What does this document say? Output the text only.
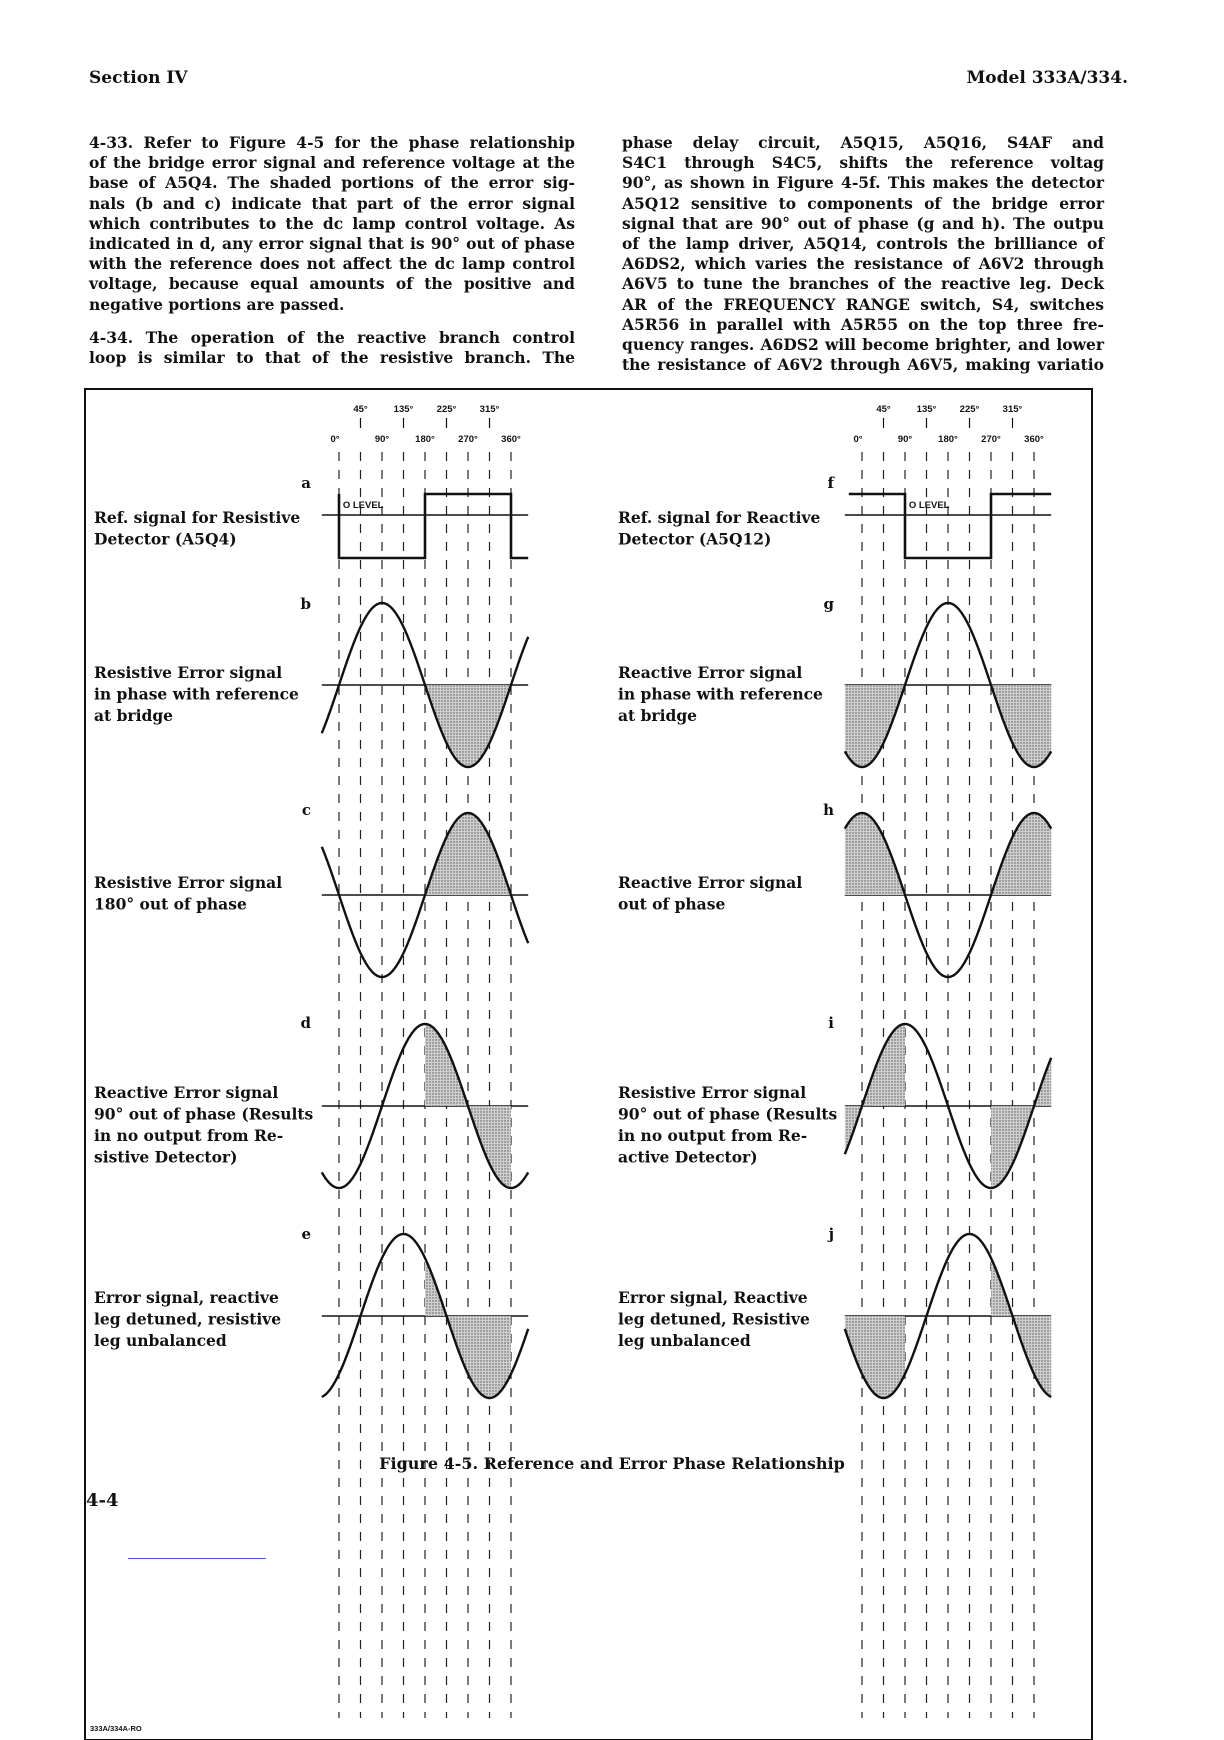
Section IV	Model 333A/334.

4-33. Refer to Figure 4-5 for the phase relationship
of the bridge error signal and reference voltage at the
base of A5Q4. The shaded portions of the error sig-
nals (b and c) indicate that part of the error signal
which contributes to the dc lamp control voltage. As
indicated in d, any error signal that is 90° out of phase
with the reference does not affect the dc lamp control
voltage, because equal amounts of the positive and
negative portions are passed.

4-34. The operation of the reactive branch control
loop is similar to that of the resistive branch. The

phase delay circuit, A5Q15, A5Q16, S4AF and
S4C1 through S4C5, shifts the reference voltag
90°, as shown in Figure 4-5f. This makes the detector
A5Q12 sensitive to components of the bridge error
signal that are 90° out of phase (g and h). The outpu
of the lamp driver, A5Q14, controls the brilliance of
A6DS2, which varies the resistance of A6V2 through
A6V5 to tune the branches of the reactive leg. Deck
AR of the FREQUENCY RANGE switch, S4, switches
A5R56 in parallel with A5R55 on the top three fre-
quency ranges. A6DS2 will become brighter, and lower
the resistance of A6V2 through A6V5, making variatio

45°	135° 225° 315°
0°	90°	180° 270° 360°
O LEVEL
a
Ref. signal for Resistive
Detector (A5Q4)
b
Resistive Error signal
in phase with reference
at bridge
c
Resistive Error signal
180° out of phase
d
Reactive Error signal
90° out of phase (Results
in no output from Re-
sistive Detector)
e
Error signal, reactive
leg detuned, resistive
leg unbalanced
45°	135° 225° 315°
0°	90°	180° 270° 360°
O LEVEL
f
Ref. signal for Reactive
Detector (A5Q12)
g
Reactive Error signal
in phase with reference
at bridge
h
Reactive Error signal
out of phase
i
Resistive Error signal
90° out of phase (Results
in no output from Re-
active Detector)
j
Error signal, Reactive
leg detuned, Resistive
leg unbalanced
333A/334A-RO
Figure 4-5. Reference and Error Phase Relationship
4-4
